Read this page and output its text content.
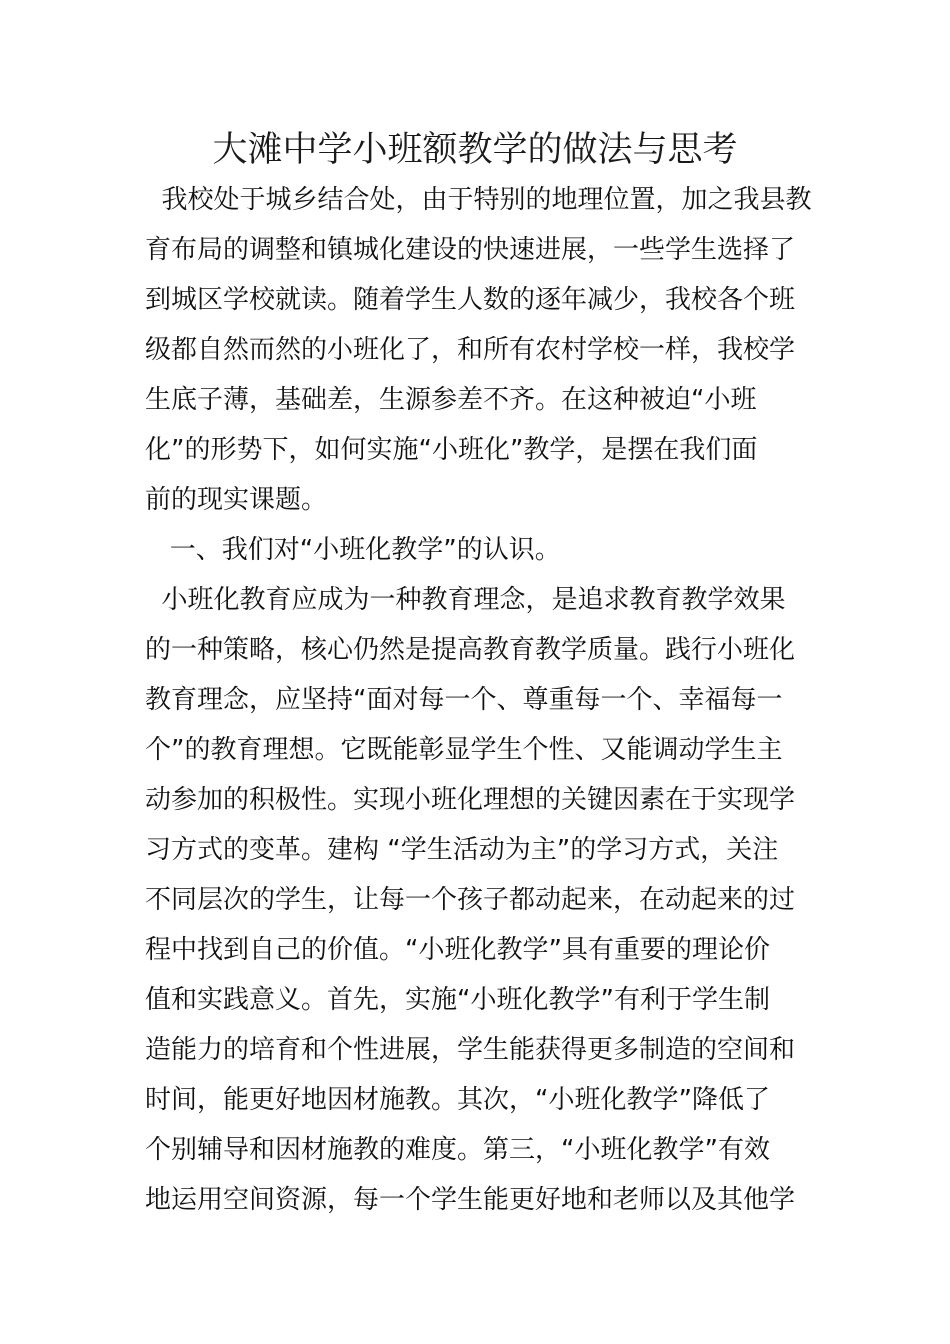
大滩中学小班额教学的做法与思考
我校处于城乡结合处，由于特别的地理位置，加之我县教
育布局的调整和镇城化建设的快速进展，一些学生选择了
到城区学校就读。随着学生人数的逐年减少，我校各个班
级都自然而然的小班化了，和所有农村学校一样，我校学
生底子薄，基础差，生源参差不齐。在这种被迫“小班
化”的形势下，如何实施“小班化”教学，是摆在我们面
前的现实课题。
一、我们对“小班化教学”的认识。
小班化教育应成为一种教育理念，是追求教育教学效果
的一种策略，核心仍然是提高教育教学质量。践行小班化
教育理念，应坚持“面对每一个、尊重每一个、幸福每一
个”的教育理想。它既能彰显学生个性、又能调动学生主
动参加的积极性。实现小班化理想的关键因素在于实现学
习方式的变革。建构 “学生活动为主”的学习方式，关注
不同层次的学生，让每一个孩子都动起来，在动起来的过
程中找到自己的价值。“小班化教学”具有重要的理论价
值和实践意义。首先，实施“小班化教学”有利于学生制
造能力的培育和个性进展，学生能获得更多制造的空间和
时间，能更好地因材施教。其次，“小班化教学”降低了
个别辅导和因材施教的难度。第三，“小班化教学”有效
地运用空间资源，每一个学生能更好地和老师以及其他学
